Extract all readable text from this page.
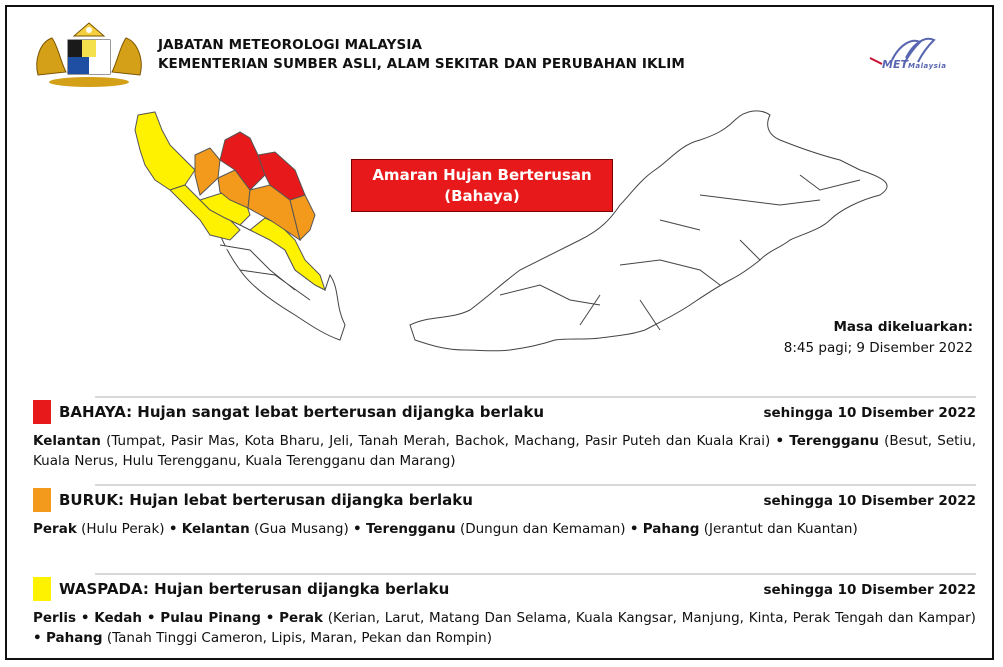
JABATAN METEOROLOGI MALAYSIA
KEMENTERIAN SUMBER ASLI, ALAM SEKITAR DAN PERUBAHAN IKLIM	METMalaysia
Amaran Hujan Berterusan
(Bahaya)
Masa dikeluarkan:
8:45 pagi; 9 Disember 2022
BAHAYA: Hujan sangat lebat berterusan dijangka berlaku	sehingga 10 Disember 2022
Kelantan (Tumpat, Pasir Mas, Kota Bharu, Jeli, Tanah Merah, Bachok, Machang, Pasir Puteh dan Kuala Krai) • Terengganu (Besut, Setiu, Kuala Nerus, Hulu Terengganu, Kuala Terengganu dan Marang)
BURUK: Hujan lebat berterusan dijangka berlaku	sehingga 10 Disember 2022
Perak (Hulu Perak) • Kelantan (Gua Musang) • Terengganu (Dungun dan Kemaman) • Pahang (Jerantut dan Kuantan)
WASPADA: Hujan berterusan dijangka berlaku	sehingga 10 Disember 2022
Perlis • Kedah • Pulau Pinang • Perak (Kerian, Larut, Matang Dan Selama, Kuala Kangsar, Manjung, Kinta, Perak Tengah dan Kampar) • Pahang (Tanah Tinggi Cameron, Lipis, Maran, Pekan dan Rompin)
